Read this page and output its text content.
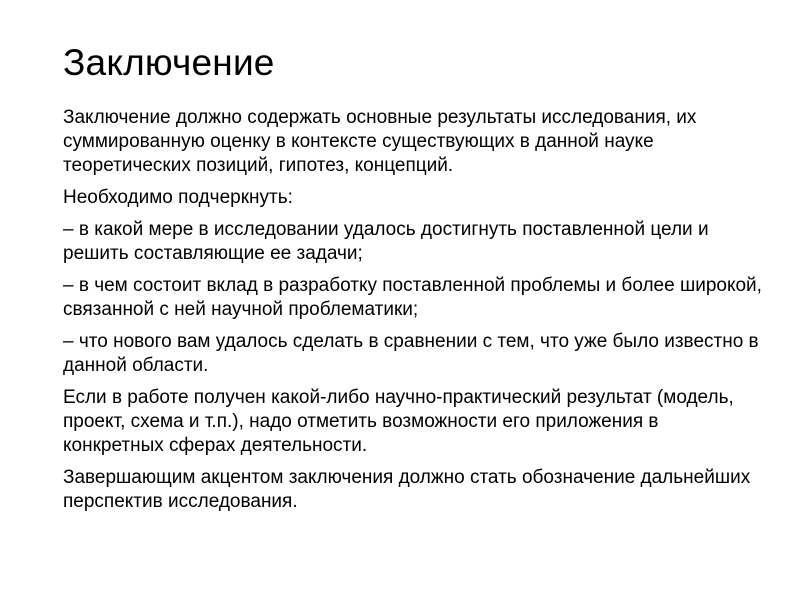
Заключение

Заключение должно содержать основные результаты исследования, их суммированную оценку в контексте существующих в данной науке теоретических позиций, гипотез, концепций.

Необходимо подчеркнуть:

– в какой мере в исследовании удалось достигнуть поставленной цели и решить составляющие ее задачи;

– в чем состоит вклад в разработку поставленной проблемы и более широкой, связанной с ней научной проблематики;

– что нового вам удалось сделать в сравнении с тем, что уже было известно в данной области.

Если в работе получен какой-либо научно-практический результат (модель, проект, схема и т.п.), надо отметить возможности его приложения в конкретных сферах деятельности.

Завершающим акцентом заключения должно стать обозначение дальнейших перспектив исследования.
